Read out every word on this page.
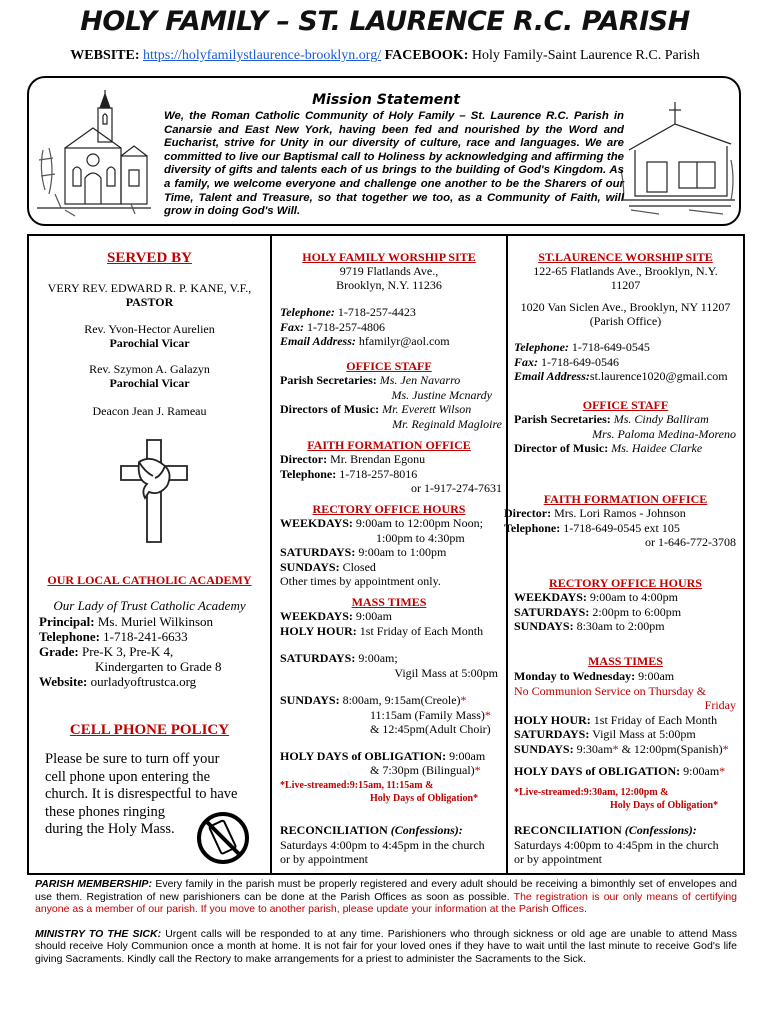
HOLY FAMILY – ST. LAURENCE R.C. PARISH
WEBSITE: https://holyfamilystlaurence-brooklyn.org/ FACEBOOK: Holy Family-Saint Laurence R.C. Parish
Mission Statement
We, the Roman Catholic Community of Holy Family – St. Laurence R.C. Parish in Canarsie and East New York, having been fed and nourished by the Word and Eucharist, strive for Unity in our diversity of culture, race and languages. We are committed to live our Baptismal call to Holiness by acknowledging and affirming the diversity of gifts and talents each of us brings to the building of God's Kingdom. As a family, we welcome everyone and challenge one another to be the Sharers of our Time, Talent and Treasure, so that together we too, as a Community of Faith, will grow in doing God's Will.
SERVED BY
VERY REV. EDWARD R. P. KANE, V.F.,
PASTOR
Rev. Yvon-Hector Aurelien
Parochial Vicar
Rev. Szymon A. Galazyn
Parochial Vicar
Deacon Jean J. Rameau
OUR LOCAL CATHOLIC ACADEMY
Our Lady of Trust Catholic Academy
Principal: Ms. Muriel Wilkinson
Telephone: 1-718-241-6633
Grade: Pre-K 3, Pre-K 4,
Kindergarten to Grade 8
Website: ourladyoftrustca.org
CELL PHONE POLICY
Please be sure to turn off your
cell phone upon entering the
church. It is disrespectful to have
these phones ringing
during the Holy Mass.
HOLY FAMILY WORSHIP SITE
9719 Flatlands Ave.,
Brooklyn, N.Y. 11236
Telephone: 1-718-257-4423
Fax: 1-718-257-4806
Email Address: hfamilyr@aol.com
OFFICE STAFF
Parish Secretaries: Ms. Jen Navarro
Ms. Justine Mcnardy
Directors of Music: Mr. Everett Wilson
Mr. Reginald Magloire
FAITH FORMATION OFFICE
Director: Mr. Brendan Egonu
Telephone: 1-718-257-8016
or 1-917-274-7631
RECTORY OFFICE HOURS
WEEKDAYS: 9:00am to 12:00pm Noon;
1:00pm to 4:30pm
SATURDAYS: 9:00am to 1:00pm
SUNDAYS: Closed
Other times by appointment only.
MASS TIMES
WEEKDAYS: 9:00am
HOLY HOUR: 1st Friday of Each Month
SATURDAYS: 9:00am;
Vigil Mass at 5:00pm
SUNDAYS: 8:00am, 9:15am(Creole)*
11:15am (Family Mass)*
& 12:45pm(Adult Choir)
HOLY DAYS of OBLIGATION: 9:00am
& 7:30pm (Bilingual)*
*Live-streamed:9:15am, 11:15am &
Holy Days of Obligation*
RECONCILIATION (Confessions):
Saturdays 4:00pm to 4:45pm in the church
or by appointment
ST.LAURENCE WORSHIP SITE
122-65 Flatlands Ave., Brooklyn, N.Y.
11207
1020 Van Siclen Ave., Brooklyn, NY 11207
(Parish Office)
Telephone: 1-718-649-0545
Fax: 1-718-649-0546
Email Address:st.laurence1020@gmail.com
OFFICE STAFF
Parish Secretaries: Ms. Cindy Balliram
Mrs. Paloma Medina-Moreno
Director of Music: Ms. Haidee Clarke
FAITH FORMATION OFFICE
Director: Mrs. Lori Ramos - Johnson
Telephone: 1-718-649-0545 ext 105
or 1-646-772-3708
RECTORY OFFICE HOURS
WEEKDAYS: 9:00am to 4:00pm
SATURDAYS: 2:00pm to 6:00pm
SUNDAYS: 8:30am to 2:00pm
MASS TIMES
Monday to Wednesday: 9:00am
No Communion Service on Thursday &
Friday
HOLY HOUR: 1st Friday of Each Month
SATURDAYS: Vigil Mass at 5:00pm
SUNDAYS: 9:30am* & 12:00pm(Spanish)*
HOLY DAYS of OBLIGATION: 9:00am*
*Live-streamed:9:30am, 12:00pm &
Holy Days of Obligation*
RECONCILIATION (Confessions):
Saturdays 4:00pm to 4:45pm in the church
or by appointment

PARISH MEMBERSHIP: Every family in the parish must be properly registered and every adult should be receiving a bimonthly set of envelopes and use them. Registration of new parishioners can be done at the Parish Offices as soon as possible. The registration is our only means of certifying anyone as a member of our parish. If you move to another parish, please update your information at the Parish Offices.

MINISTRY TO THE SICK: Urgent calls will be responded to at any time. Parishioners who through sickness or old age are unable to attend Mass should receive Holy Communion once a month at home. It is not fair for your loved ones if they have to wait until the last minute to receive God's life giving Sacraments. Kindly call the Rectory to make arrangements for a priest to administer the Sacraments to the Sick.
